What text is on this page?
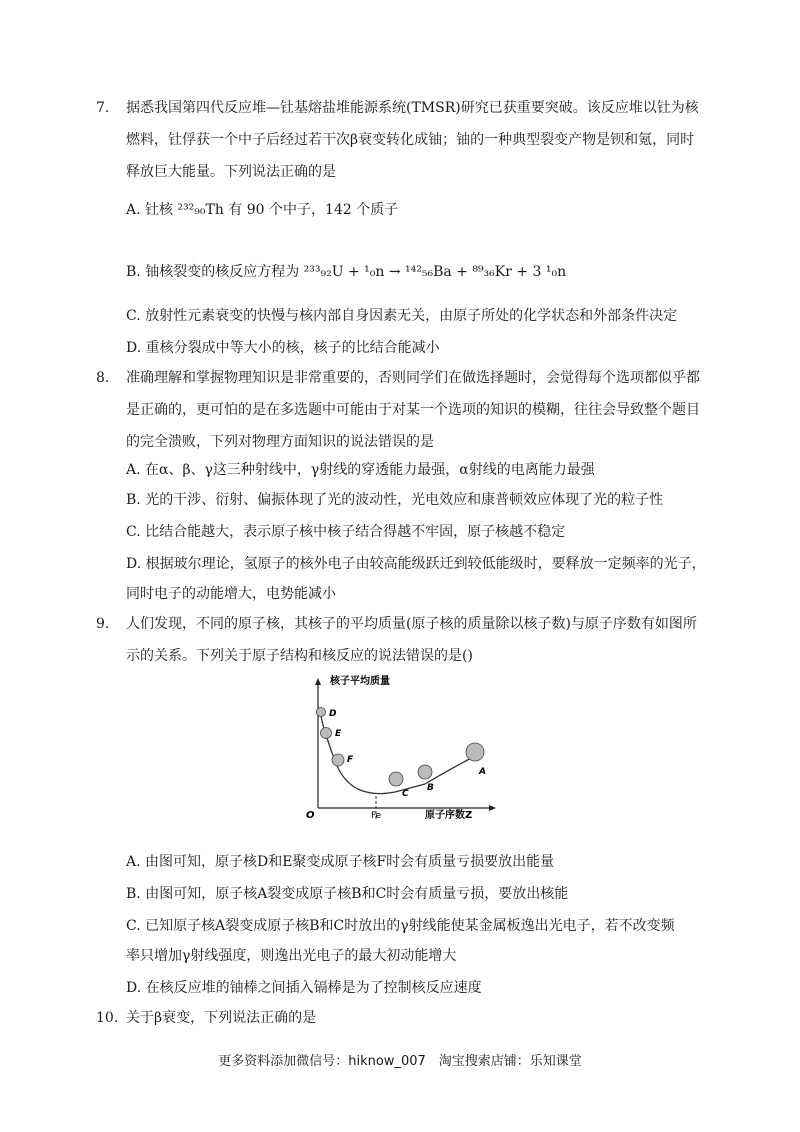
7. 据悉我国第四代反应堆—钍基熔盐堆能源系统(TMSR)研究已获重要突破。该反应堆以钍为核
燃料，钍俘获一个中子后经过若干次β衰变转化成铀；铀的一种典型裂变产物是钡和氪，同时
释放巨大能量。下列说法正确的是
A. 钍核 ²³²₉₀Th 有 90 个中子，142 个质子
B. 铀核裂变的核反应方程为 ²³³₉₂U + ¹₀n → ¹⁴²₅₆Ba + ⁸⁹₃₆Kr + 3 ¹₀n
C. 放射性元素衰变的快慢与核内部自身因素无关，由原子所处的化学状态和外部条件决定
D. 重核分裂成中等大小的核，核子的比结合能减小
8. 准确理解和掌握物理知识是非常重要的，否则同学们在做选择题时，会觉得每个选项都似乎都
是正确的，更可怕的是在多选题中可能由于对某一个选项的知识的模糊，往往会导致整个题目
的完全溃败，下列对物理方面知识的说法错误的是
A. 在α、β、γ这三种射线中，γ射线的穿透能力最强，α射线的电离能力最强
B. 光的干涉、衍射、偏振体现了光的波动性，光电效应和康普顿效应体现了光的粒子性
C. 比结合能越大，表示原子核中核子结合得越不牢固，原子核越不稳定
D. 根据玻尔理论，氢原子的核外电子由较高能级跃迁到较低能级时，要释放一定频率的光子，
同时电子的动能增大，电势能减小
9. 人们发现，不同的原子核，其核子的平均质量(原子核的质量除以核子数)与原子序数有如图所
示的关系。下列关于原子结构和核反应的说法错误的是()
核子平均质量
原子序数Z
O	Fe
D
E
F
C
B
A
A. 由图可知，原子核D和E聚变成原子核F时会有质量亏损要放出能量
B. 由图可知，原子核A裂变成原子核B和C时会有质量亏损，要放出核能
C. 已知原子核A裂变成原子核B和C时放出的γ射线能使某金属板逸出光电子，若不改变频
率只增加γ射线强度，则逸出光电子的最大初动能增大
D. 在核反应堆的铀棒之间插入镉棒是为了控制核反应速度
10. 关于β衰变，下列说法正确的是
更多资料添加微信号：hiknow_007　淘宝搜索店铺：乐知课堂
